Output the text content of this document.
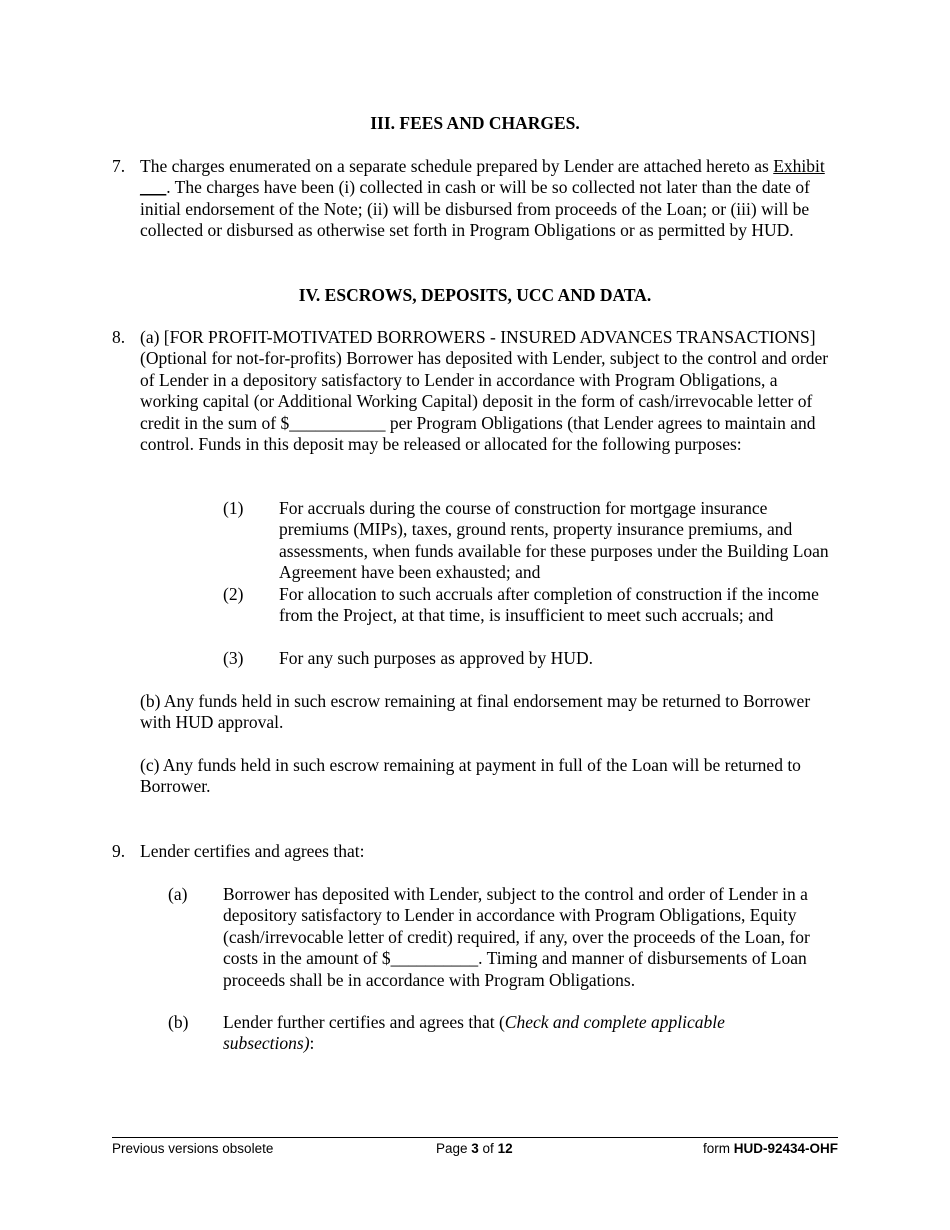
III. FEES AND CHARGES.
7. The charges enumerated on a separate schedule prepared by Lender are attached hereto as Exhibit ___. The charges have been (i) collected in cash or will be so collected not later than the date of initial endorsement of the Note; (ii) will be disbursed from proceeds of the Loan; or (iii) will be collected or disbursed as otherwise set forth in Program Obligations or as permitted by HUD.
IV. ESCROWS, DEPOSITS, UCC AND DATA.
8. (a) [FOR PROFIT-MOTIVATED BORROWERS - INSURED ADVANCES TRANSACTIONS] (Optional for not-for-profits) Borrower has deposited with Lender, subject to the control and order of Lender in a depository satisfactory to Lender in accordance with Program Obligations, a working capital (or Additional Working Capital) deposit in the form of cash/irrevocable letter of credit in the sum of $___________ per Program Obligations (that Lender agrees to maintain and control. Funds in this deposit may be released or allocated for the following purposes:
(1) For accruals during the course of construction for mortgage insurance premiums (MIPs), taxes, ground rents, property insurance premiums, and assessments, when funds available for these purposes under the Building Loan Agreement have been exhausted; and
(2) For allocation to such accruals after completion of construction if the income from the Project, at that time, is insufficient to meet such accruals; and
(3) For any such purposes as approved by HUD.
(b) Any funds held in such escrow remaining at final endorsement may be returned to Borrower with HUD approval.
(c) Any funds held in such escrow remaining at payment in full of the Loan will be returned to Borrower.
9. Lender certifies and agrees that:
(a) Borrower has deposited with Lender, subject to the control and order of Lender in a depository satisfactory to Lender in accordance with Program Obligations, Equity (cash/irrevocable letter of credit) required, if any, over the proceeds of the Loan, for costs in the amount of $__________. Timing and manner of disbursements of Loan proceeds shall be in accordance with Program Obligations.
(b) Lender further certifies and agrees that (Check and complete applicable subsections):
Previous versions obsolete	Page 3 of 12	form HUD-92434-OHF
